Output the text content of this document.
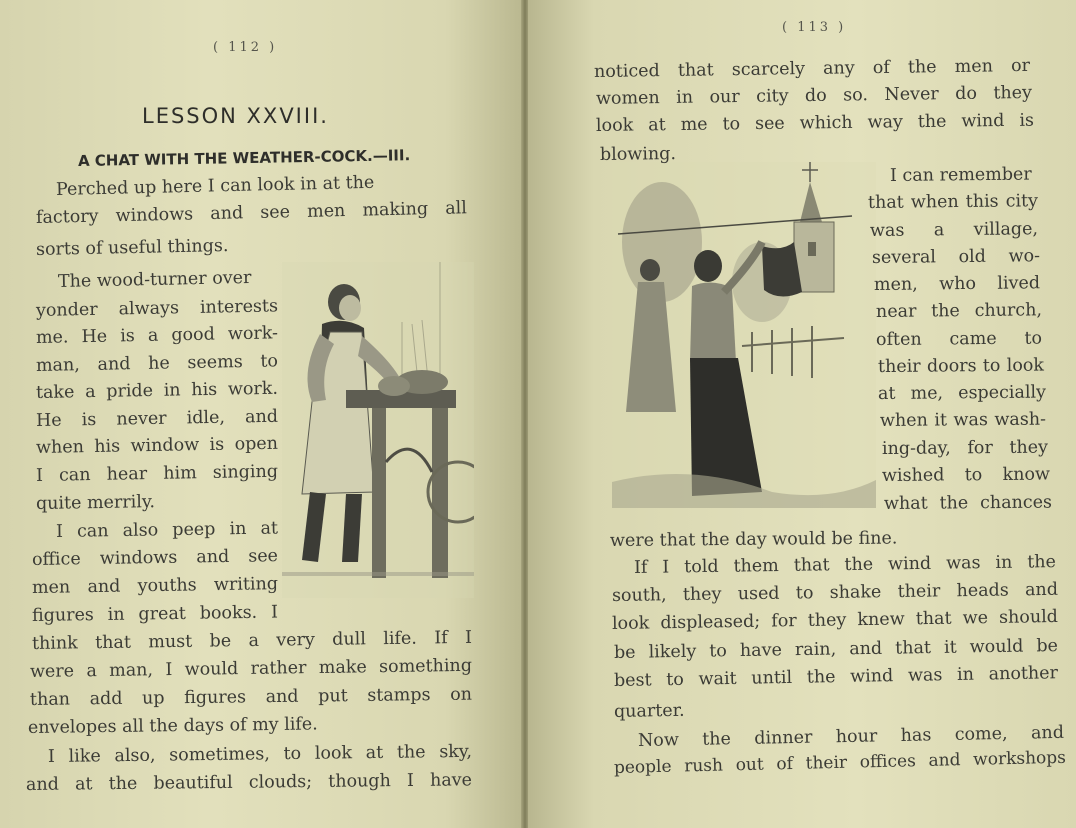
( 112 )
LESSON XXVIII.
A CHAT WITH THE WEATHER-COCK.—III.
Perched up here I can look in at the
factory windows and see men making all
sorts of useful things.
The wood-turner over
yonder always interests
me. He is a good work-
man, and he seems to
take a pride in his work.
He is never idle, and
when his window is open
I can hear him singing
quite merrily.
I can also peep in at
office windows and see
men and youths writing
figures in great books. I
think that must be a very dull life. If I
were a man, I would rather make something
than add up figures and put stamps on
envelopes all the days of my life.
I like also, sometimes, to look at the sky,
and at the beautiful clouds; though I have
( 113 )
noticed that scarcely any of the men or
women in our city do so. Never do they
look at me to see which way the wind is
blowing.
I can remember
that when this city
was a village,
several old wo-
men, who lived
near the church,
often came to
their doors to look
at me, especially
when it was wash-
ing-day, for they
wished to know
what the chances
were that the day would be fine.
If I told them that the wind was in the
south, they used to shake their heads and
look displeased; for they knew that we should
be likely to have rain, and that it would be
best to wait until the wind was in another
quarter.
Now the dinner hour has come, and
people rush out of their offices and workshops
